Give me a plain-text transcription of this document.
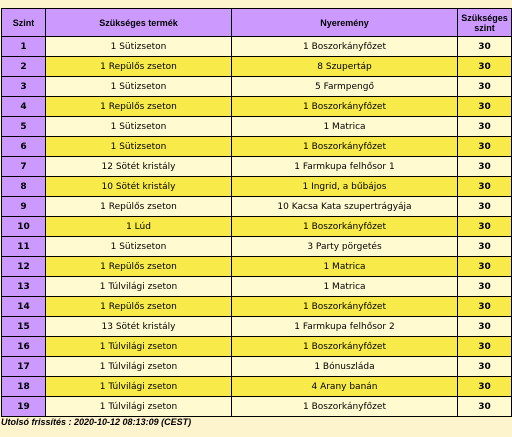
Szint	Szükséges termék	Nyeremény	Szükséges szint
1	1 Sütizseton	1 Boszorkányfőzet	30
2	1 Repülős zseton	8 Szupertáp	30
3	1 Sütizseton	5 Farmpengő	30
4	1 Repülős zseton	1 Boszorkányfőzet	30
5	1 Sütizseton	1 Matrica	30
6	1 Sütizseton	1 Boszorkányfőzet	30
7	12 Sötét kristály	1 Farmkupa felhősor 1	30
8	10 Sötét kristály	1 Ingrid, a bűbájos	30
9	1 Repülős zseton	10 Kacsa Kata szupertrágyája	30
10	1 Lúd	1 Boszorkányfőzet	30
11	1 Sütizseton	3 Party pörgetés	30
12	1 Repülős zseton	1 Matrica	30
13	1 Túlvilági zseton	1 Matrica	30
14	1 Repülős zseton	1 Boszorkányfőzet	30
15	13 Sötét kristály	1 Farmkupa felhősor 2	30
16	1 Túlvilági zseton	1 Boszorkányfőzet	30
17	1 Túlvilági zseton	1 Bónuszláda	30
18	1 Túlvilági zseton	4 Arany banán	30
19	1 Túlvilági zseton	1 Boszorkányfőzet	30
Utolsó frissítés : 2020-10-12 08:13:09 (CEST)
